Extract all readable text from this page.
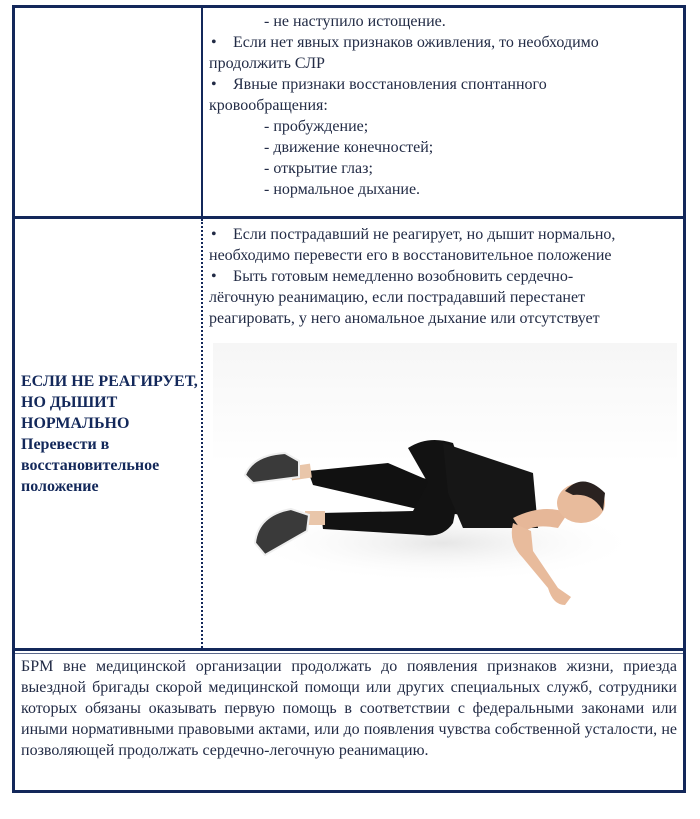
- не наступило истощение.
• Если нет явных признаков оживления, то необходимо
продолжить СЛР
• Явные признаки восстановления спонтанного
кровообращения:
- пробуждение;
- движение конечностей;
- открытие глаз;
- нормальное дыхание.
ЕСЛИ НЕ РЕАГИРУЕТ, НО ДЫШИТ НОРМАЛЬНО
Перевести в восстановительное положение
• Если пострадавший не реагирует, но дышит нормально,
необходимо перевести его в восстановительное положение
• Быть готовым немедленно возобновить сердечно-
лёгочную реанимацию, если пострадавший перестанет
реагировать, у него аномальное дыхание или отсутствует
БРМ вне медицинской организации продолжать до появления признаков жизни, приезда выездной бригады скорой медицинской помощи или других специальных служб, сотрудники которых обязаны оказывать первую помощь в соответствии с федеральными законами или иными нормативными правовыми актами, или до появления чувства собственной усталости, не позволяющей продолжать сердечно-легочную реанимацию.
